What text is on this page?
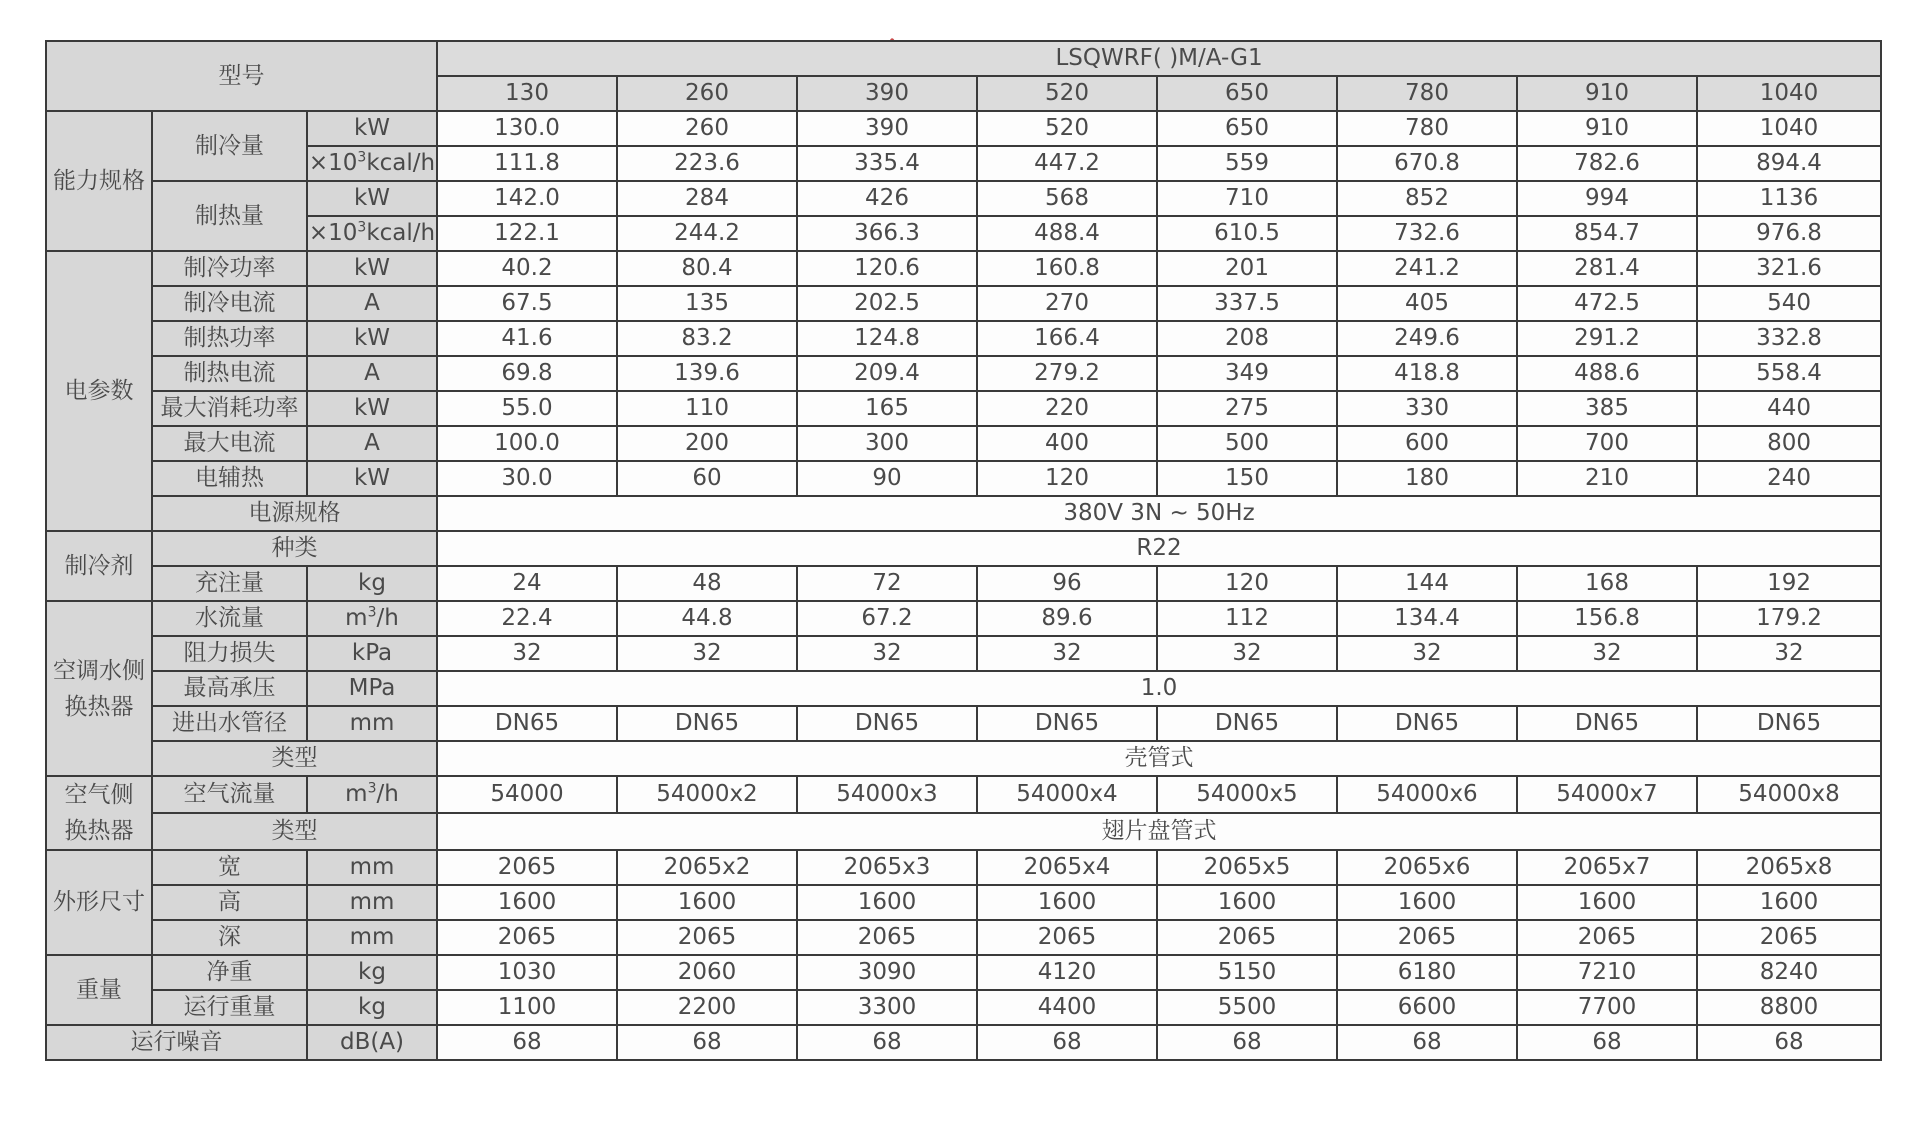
型号			LSQWRF( )M/A-G1							
			130	260	390	520	650	780	910	1040
能力规格	制冷量	kW	130.0	260	390	520	650	780	910	1040
		$\times 10^3kcal/h$	111.8	223.6	335.4	447.2	559	670.8	782.6	894.4
	制热量	kW	142.0	284	426	568	710	852	994	1136
		$\times 10^3kcal/h$	122.1	244.2	366.3	488.4	610.5	732.6	854.7	976.8
电参数	制冷功率	kW	40.2	80.4	120.6	160.8	201	241.2	281.4	321.6
	制冷电流	A	67.5	135	202.5	270	337.5	405	472.5	540
	制热功率	kW	41.6	83.2	124.8	166.4	208	249.6	291.2	332.8
	制热电流	A	69.8	139.6	209.4	279.2	349	418.8	488.6	558.4
	最大消耗功率	kW	55.0	110	165	220	275	330	385	440
	最大电流	A	100.0	200	300	400	500	600	700	800
	电辅热	kW	30.0	60	90	120	150	180	210	240
	电源规格		380V 3N ~ 50Hz							
制冷剂	种类		R22							
	充注量	kg	24	48	72	96	120	144	168	192

空调水侧
换热器	水流量	$m^3/h$	22.4	44.8	67.2	89.6	112	134.4	156.8	179.2
	阻力损失	kPa	32	32	32	32	32	32	32	32
	最高承压	MPa	1.0							
	进出水管径	mm	DN65	DN65	DN65	DN65	DN65	DN65	DN65	DN65
	类型		壳管式							

空气侧
换热器	空气流量	$m^3/h$	54000	54000x2	54000x3	54000x4	54000x5	54000x6	54000x7	54000x8
	类型		翅片盘管式							
外形尺寸	宽	mm	2065	2065x2	2065x3	2065x4	2065x5	2065x6	2065x7	2065x8
	高	mm	1600	1600	1600	1600	1600	1600	1600	1600
	深	mm	2065	2065	2065	2065	2065	2065	2065	2065
重量	净重	kg	1030	2060	3090	4120	5150	6180	7210	8240
	运行重量	kg	1100	2200	3300	4400	5500	6600	7700	8800
运行噪音		dB(A)	68	68	68	68	68	68	68	68
